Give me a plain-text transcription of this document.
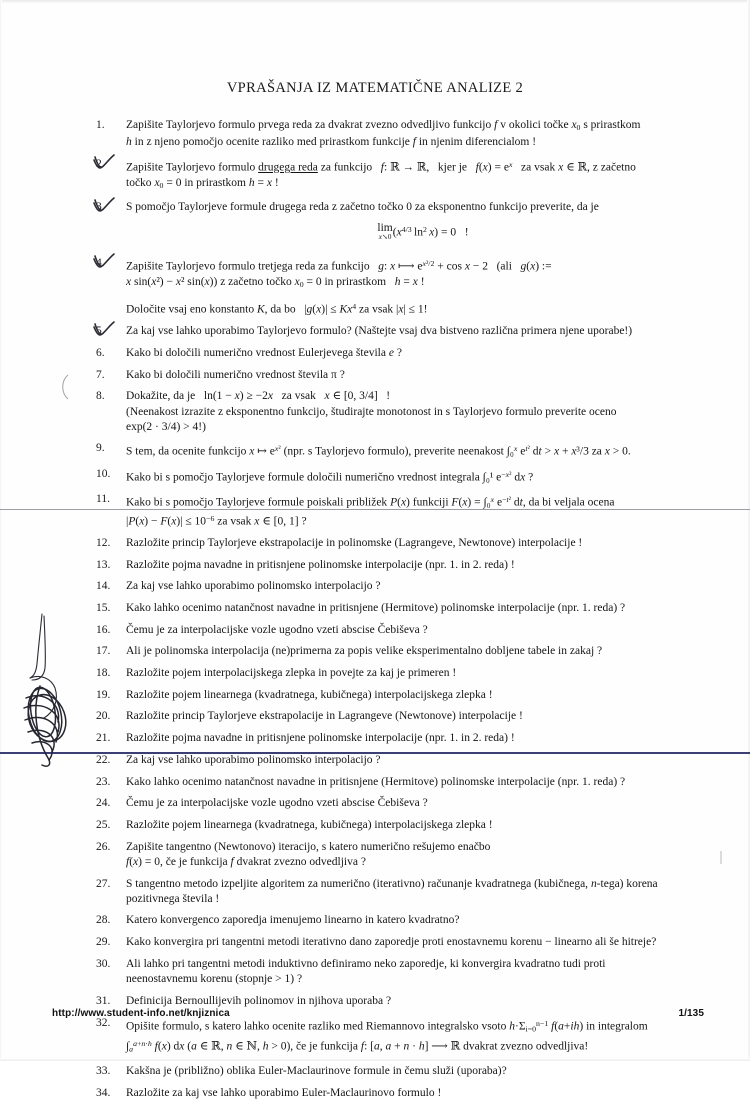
VPRAŠANJA IZ MATEMATIČNE ANALIZE 2
1.	Zapišite Taylorjevo formulo prvega reda za dvakrat zvezno odvedljivo funkcijo f v okolici točke $x_0$ s prirastkom
h in z njeno pomočjo ocenite razliko med prirastkom funkcije f in njenim diferencialom !
2.	Zapišite Taylorjevo formulo drugega reda za funkcijo   f: ℝ → ℝ,   kjer je   $f(x) = e^x$   za vsak x ∈ ℝ, z začetno
točko $x_0 = 0$ in prirastkom h = x !
3.	S pomočjo Taylorjeve formule drugega reda z začetno točko 0 za eksponentno funkcijo preverite, da je
lim
x↘0 ($x^{4/3}$ $\ln^2 x) = 0$   !
4.	Zapišite Taylorjevo formulo tretjega reda za funkcijo   g: x ⟼ $e^{x^2/2} + \cos x - 2$   (ali   g(x) :=
x sin(x²) − x² sin(x)) z začetno točko $x_0 = 0$ in prirastkom   h = x !
Določite vsaj eno konstanto K, da bo   $|g(x)| \le Kx^4$ za vsak |x| ≤ 1!
5.	Za kaj vse lahko uporabimo Taylorjevo formulo? (Naštejte vsaj dva bistveno različna primera njene uporabe!)
6.	Kako bi določili numerično vrednost Eulerjevega števila e ?
7.	Kako bi določili numerično vrednost števila π ?
8.	Dokažite, da je   ln(1 − x) ≥ −2x   za vsak   x ∈ [0, 3/4]   !
(Neenakost izrazite z eksponentno funkcijo, študirajte monotonost in s Taylorjevo formulo preverite oceno
exp(2 · 3/4) > 4!)
9.	S tem, da ocenite funkcijo x ↦ $e^{x^2}$ (npr. s Taylorjevo formulo), preverite neenakost ∫₀$^x$ $e^{t^2}$ dt > x + x³/3 za x > 0.
10.	Kako bi s pomočjo Taylorjeve formule določili numerično vrednost integrala ∫₀¹ $e^{-x^2}$ dx ?
11.	Kako bi s pomočjo Taylorjeve formule poiskali približek P(x) funkciji F(x) = ∫₀$^x$ $e^{-t^2}$ dt, da bi veljala ocena
$|P(x) - F(x)| \le 10^{-6}$ za vsak x ∈ [0, 1] ?
12.	Razložite princip Taylorjeve ekstrapolacije in polinomske (Lagrangeve, Newtonove) interpolacije !
13.	Razložite pojma navadne in pritisnjene polinomske interpolacije (npr. 1. in 2. reda) !
14.	Za kaj vse lahko uporabimo polinomsko interpolacijo ?
15.	Kako lahko ocenimo natančnost navadne in pritisnjene (Hermitove) polinomske interpolacije (npr. 1. reda) ?
16.	Čemu je za interpolacijske vozle ugodno vzeti abscise Čebiševa ?
17.	Ali je polinomska interpolacija (ne)primerna za popis velike eksperimentalno dobljene tabele in zakaj ?
18.	Razložite pojem interpolacijskega zlepka in povejte za kaj je primeren !
19.	Razložite pojem linearnega (kvadratnega, kubičnega) interpolacijskega zlepka !
20.	Razložite princip Taylorjeve ekstrapolacije in Lagrangeve (Newtonove) interpolacije !
21.	Razložite pojma navadne in pritisnjene polinomske interpolacije (npr. 1. in 2. reda) !
22.	Za kaj vse lahko uporabimo polinomsko interpolacijo ?
23.	Kako lahko ocenimo natančnost navadne in pritisnjene (Hermitove) polinomske interpolacije (npr. 1. reda) ?
24.	Čemu je za interpolacijske vozle ugodno vzeti abscise Čebiševa ?
25.	Razložite pojem linearnega (kvadratnega, kubičnega) interpolacijskega zlepka !
26.	Zapišite tangentno (Newtonovo) iteracijo, s katero numerično rešujemo enačbo
f(x) = 0, če je funkcija f dvakrat zvezno odvedljiva ?
27.	S tangentno metodo izpeljite algoritem za numerično (iterativno) računanje kvadratnega (kubičnega, n-tega) korena
pozitivnega števila !
28.	Katero konvergenco zaporedja imenujemo linearno in katero kvadratno?
29.	Kako konvergira pri tangentni metodi iterativno dano zaporedje proti enostavnemu korenu − linearno ali še hitreje?
30.	Ali lahko pri tangentni metodi induktivno definiramo neko zaporedje, ki konvergira kvadratno tudi proti
neenostavnemu korenu (stopnje > 1) ?
31.	Definicija Bernoullijevih polinomov in njihova uporaba ?
32.	Opišite formulo, s katero lahko ocenite razliko med Riemannovo integralsko vsoto $h\cdot\Sigma_{i=0}^{n-1}$ f(a+ih) in integralom
$\int_a^{a+n\cdot h}$ f(x) dx (a ∈ ℝ, n ∈ ℕ, h > 0), če je funkcija f: [a, a + n · h] ⟶ ℝ dvakrat zvezno odvedljiva!
33.	Kakšna je (približno) oblika Euler-Maclaurinove formule in čemu služi (uporaba)?
34.	Razložite za kaj vse lahko uporabimo Euler-Maclaurinovo formulo !
http://www.student-info.net/knjiznica	1/135
